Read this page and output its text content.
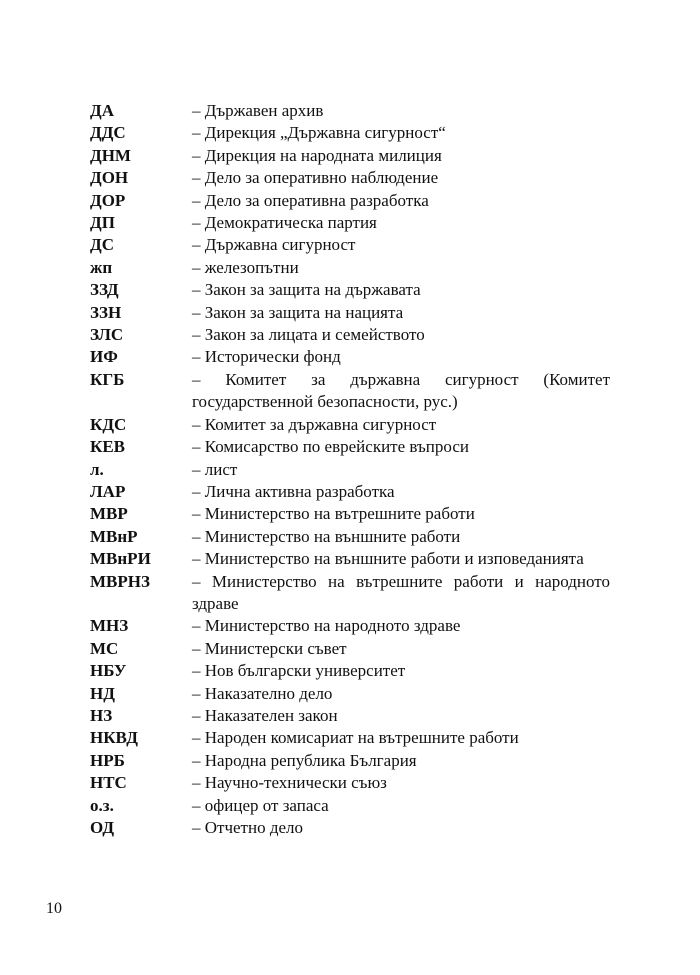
ДА	– Държавен архив
ДДС	– Дирекция „Държавна сигурност“
ДНМ	– Дирекция на народната милиция
ДОН	– Дело за оперативно наблюдение
ДОР	– Дело за оперативна разработка
ДП	– Демократическа партия
ДС	– Държавна сигурност
жп	– железопътни
ЗЗД	– Закон за защита на държавата
ЗЗН	– Закон за защита на нацията
ЗЛС	– Закон за лицата и семейството
ИФ	– Исторически фонд
КГБ	– Комитет за държавна сигурност (Комитет государственной безопасности, рус.)
КДС	– Комитет за държавна сигурност
КЕВ	– Комисарство по еврейските въпроси
л.	– лист
ЛАР	– Лична активна разработка
МВР	– Министерство на вътрешните работи
МВнР	– Министерство на външните работи
МВнРИ	– Министерство на външните работи и изповеданията
МВРНЗ	– Министерство на вътрешните работи и народното здраве
МНЗ	– Министерство на народното здраве
МС	– Министерски съвет
НБУ	– Нов български университет
НД	– Наказателно дело
НЗ	– Наказателен закон
НКВД	– Народен комисариат на вътрешните работи
НРБ	– Народна република България
НТС	– Научно-технически съюз
о.з.	– офицер от запаса
ОД	– Отчетно дело
10
